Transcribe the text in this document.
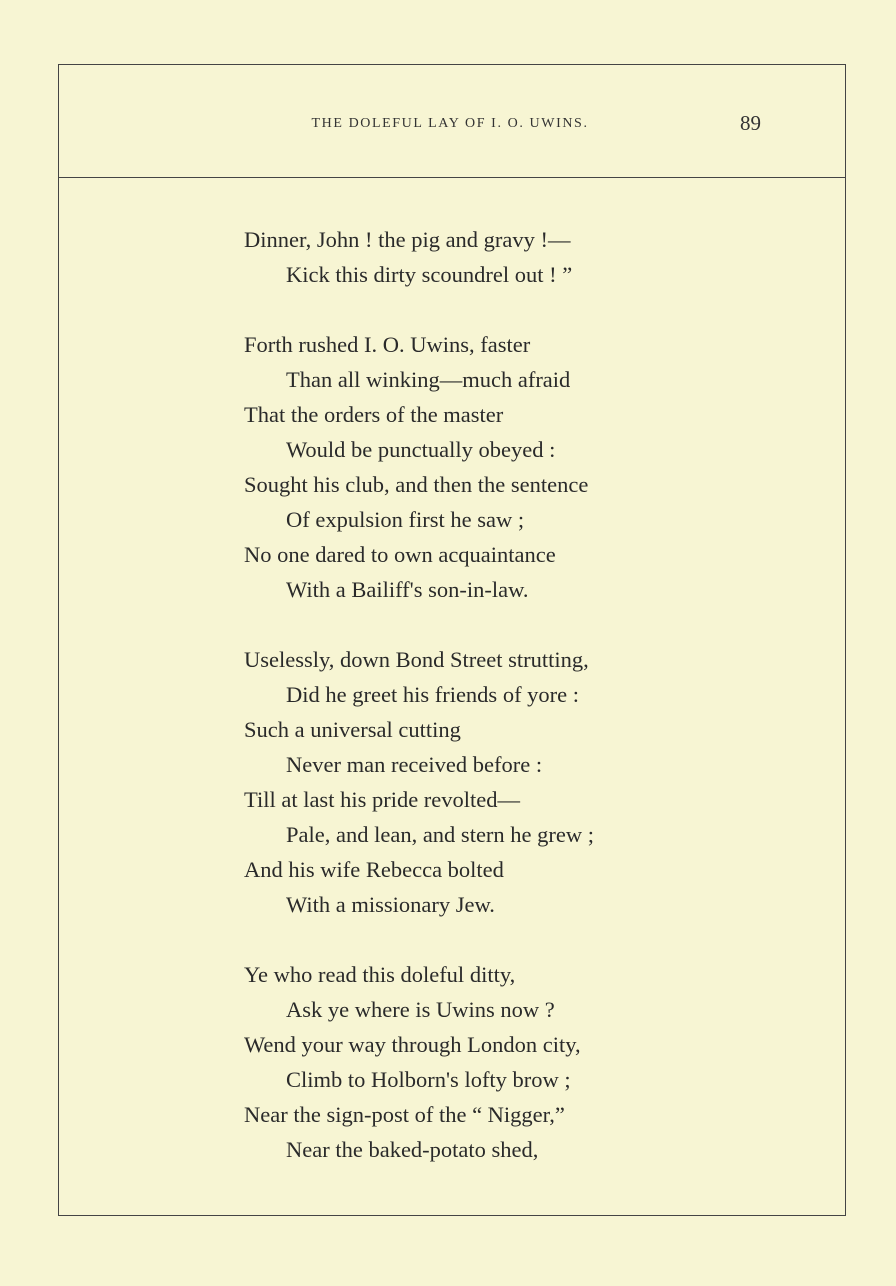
THE DOLEFUL LAY OF I. O. UWINS.	89
Dinner, John ! the pig and gravy !—
Kick this dirty scoundrel out ! ”
Forth rushed I. O. Uwins, faster
Than all winking—much afraid
That the orders of the master
Would be punctually obeyed :
Sought his club, and then the sentence
Of expulsion first he saw ;
No one dared to own acquaintance
With a Bailiff's son-in-law.
Uselessly, down Bond Street strutting,
Did he greet his friends of yore :
Such a universal cutting
Never man received before :
Till at last his pride revolted—
Pale, and lean, and stern he grew ;
And his wife Rebecca bolted
With a missionary Jew.
Ye who read this doleful ditty,
Ask ye where is Uwins now ?
Wend your way through London city,
Climb to Holborn's lofty brow ;
Near the sign-post of the “ Nigger,”
Near the baked-potato shed,
